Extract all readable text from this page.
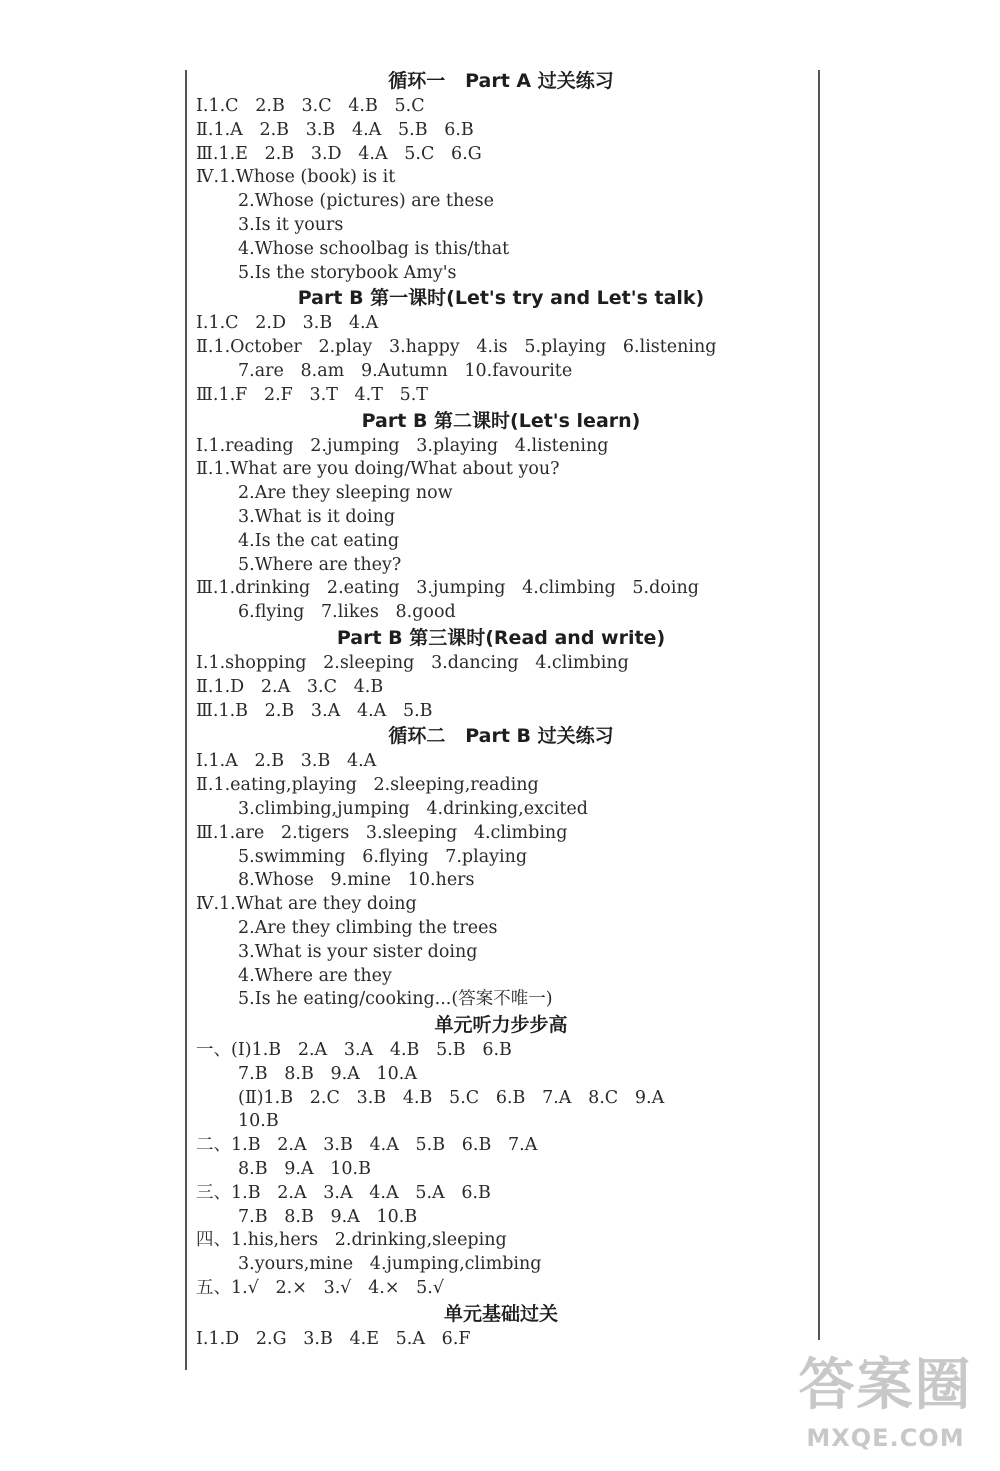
循环一   Part A 过关练习
Ⅰ.1.C   2.B   3.C   4.B   5.C
Ⅱ.1.A   2.B   3.B   4.A   5.B   6.B
Ⅲ.1.E   2.B   3.D   4.A   5.C   6.G
Ⅳ.1.Whose (book) is it
2.Whose (pictures) are these
3.Is it yours
4.Whose schoolbag is this/that
5.Is the storybook Amy's
Part B 第一课时(Let's try and Let's talk)
Ⅰ.1.C   2.D   3.B   4.A
Ⅱ.1.October   2.play   3.happy   4.is   5.playing   6.listening
7.are   8.am   9.Autumn   10.favourite
Ⅲ.1.F   2.F   3.T   4.T   5.T
Part B 第二课时(Let's learn)
Ⅰ.1.reading   2.jumping   3.playing   4.listening
Ⅱ.1.What are you doing/What about you?
2.Are they sleeping now
3.What is it doing
4.Is the cat eating
5.Where are they?
Ⅲ.1.drinking   2.eating   3.jumping   4.climbing   5.doing
6.flying   7.likes   8.good
Part B 第三课时(Read and write)
Ⅰ.1.shopping   2.sleeping   3.dancing   4.climbing
Ⅱ.1.D   2.A   3.C   4.B
Ⅲ.1.B   2.B   3.A   4.A   5.B
循环二   Part B 过关练习
Ⅰ.1.A   2.B   3.B   4.A
Ⅱ.1.eating,playing   2.sleeping,reading
3.climbing,jumping   4.drinking,excited
Ⅲ.1.are   2.tigers   3.sleeping   4.climbing
5.swimming   6.flying   7.playing
8.Whose   9.mine   10.hers
Ⅳ.1.What are they doing
2.Are they climbing the trees
3.What is your sister doing
4.Where are they
5.Is he eating/cooking...(答案不唯一)
单元听力步步高
一、(Ⅰ)1.B   2.A   3.A   4.B   5.B   6.B
7.B   8.B   9.A   10.A
(Ⅱ)1.B   2.C   3.B   4.B   5.C   6.B   7.A   8.C   9.A
10.B
二、1.B   2.A   3.B   4.A   5.B   6.B   7.A
8.B   9.A   10.B
三、1.B   2.A   3.A   4.A   5.A   6.B
7.B   8.B   9.A   10.B
四、1.his,hers   2.drinking,sleeping
3.yours,mine   4.jumping,climbing
五、1.√   2.×   3.√   4.×   5.√
单元基础过关
Ⅰ.1.D   2.G   3.B   4.E   5.A   6.F
答案圈
MXQE.COM
